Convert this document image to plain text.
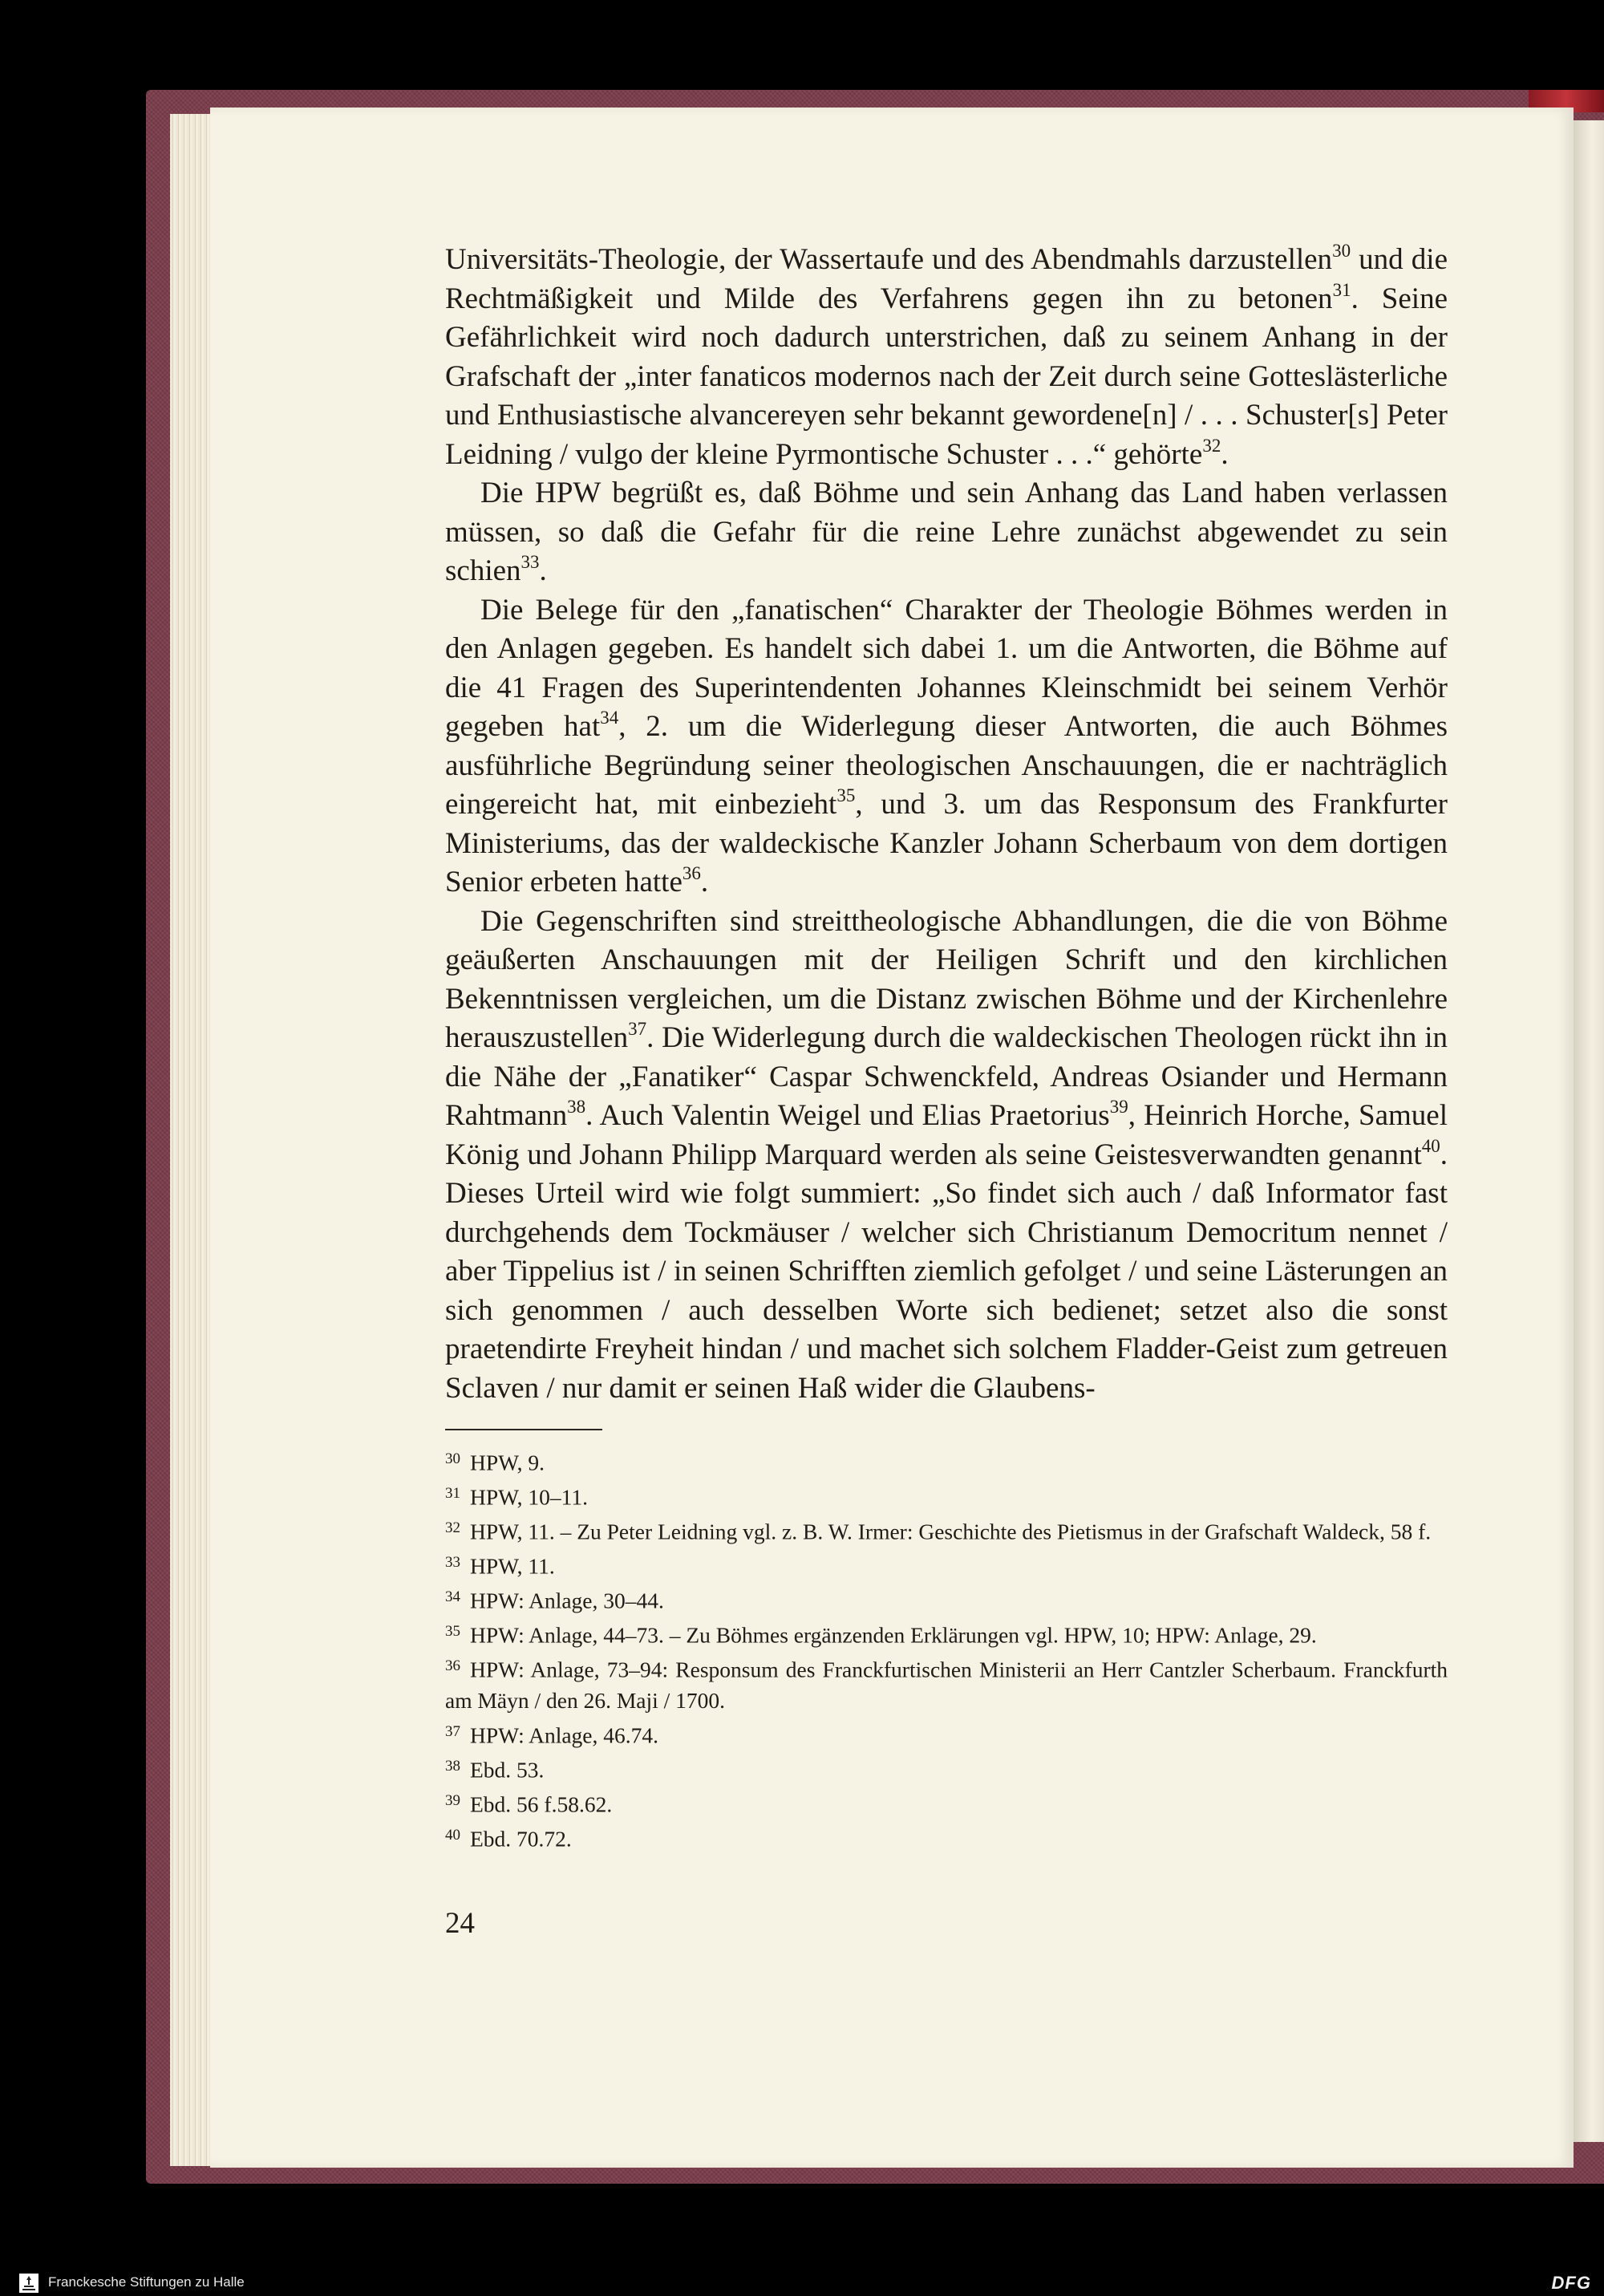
Universitäts-Theologie, der Wassertaufe und des Abendmahls darzustellen$^{30}$ und die Rechtmäßigkeit und Milde des Verfahrens gegen ihn zu betonen$^{31}$. Seine Gefährlichkeit wird noch dadurch unterstrichen, daß zu seinem Anhang in der Grafschaft der „inter fanaticos modernos nach der Zeit durch seine Gotteslästerliche und Enthusiastische alvancereyen sehr bekannt gewordene[n] / . . . Schuster[s] Peter Leidning / vulgo der kleine Pyrmontische Schuster . . .“ gehörte$^{32}$.

Die HPW begrüßt es, daß Böhme und sein Anhang das Land haben verlassen müssen, so daß die Gefahr für die reine Lehre zunächst abgewendet zu sein schien$^{33}$.

Die Belege für den „fanatischen“ Charakter der Theologie Böhmes werden in den Anlagen gegeben. Es handelt sich dabei 1. um die Antworten, die Böhme auf die 41 Fragen des Superintendenten Johannes Kleinschmidt bei seinem Verhör gegeben hat$^{34}$, 2. um die Widerlegung dieser Antworten, die auch Böhmes ausführliche Begründung seiner theologischen Anschauungen, die er nachträglich eingereicht hat, mit einbezieht$^{35}$, und 3. um das Responsum des Frankfurter Ministeriums, das der waldeckische Kanzler Johann Scherbaum von dem dortigen Senior erbeten hatte$^{36}$.

Die Gegenschriften sind streittheologische Abhandlungen, die die von Böhme geäußerten Anschauungen mit der Heiligen Schrift und den kirchlichen Bekenntnissen vergleichen, um die Distanz zwischen Böhme und der Kirchenlehre herauszustellen$^{37}$. Die Widerlegung durch die waldeckischen Theologen rückt ihn in die Nähe der „Fanatiker“ Caspar Schwenckfeld, Andreas Osiander und Hermann Rahtmann$^{38}$. Auch Valentin Weigel und Elias Praetorius$^{39}$, Heinrich Horche, Samuel König und Johann Philipp Marquard werden als seine Geistesverwandten genannt$^{40}$. Dieses Urteil wird wie folgt summiert: „So findet sich auch / daß Informator fast durchgehends dem Tockmäuser / welcher sich Christianum Democritum nennet / aber Tippelius ist / in seinen Schrifften ziemlich gefolget / und seine Lästerungen an sich genommen / auch desselben Worte sich bedienet; setzet also die sonst praetendirte Freyheit hindan / und machet sich solchem Fladder-Geist zum getreuen Sclaven / nur damit er seinen Haß wider die Glaubens-

$^{30}$ HPW, 9.

$^{31}$ HPW, 10–11.

$^{32}$ HPW, 11. – Zu Peter Leidning vgl. z. B. W. Irmer: Geschichte des Pietismus in der Grafschaft Waldeck, 58 f.

$^{33}$ HPW, 11.

$^{34}$ HPW: Anlage, 30–44.

$^{35}$ HPW: Anlage, 44–73. – Zu Böhmes ergänzenden Erklärungen vgl. HPW, 10; HPW: Anlage, 29.

$^{36}$ HPW: Anlage, 73–94: Responsum des Franckfurtischen Ministerii an Herr Cantzler Scherbaum. Franckfurth am Mäyn / den 26. Maji / 1700.

$^{37}$ HPW: Anlage, 46.74.

$^{38}$ Ebd. 53.

$^{39}$ Ebd. 56 f.58.62.

$^{40}$ Ebd. 70.72.

24
Franckesche Stiftungen zu Halle	DFG
